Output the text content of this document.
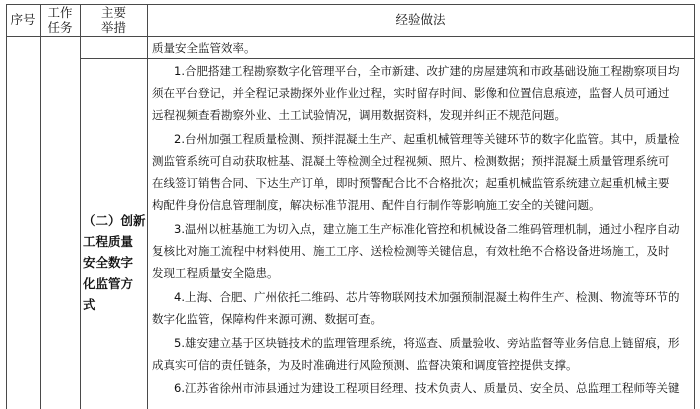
序号 工作
任务
主要
举措
经验做法
质量安全监管效率。
（二）创新
工程质量
安全数字
化监管方
式
1.合肥搭建工程勘察数字化管理平台，全市新建、改扩建的房屋建筑和市政基础设施工程勘察项目均
须在平台登记，并全程记录勘探外业作业过程，实时留存时间、影像和位置信息痕迹，监督人员可通过
远程视频查看勘察外业、土工试验情况，调用数据资料，发现并纠正不规范问题。
2.台州加强工程质量检测、预拌混凝土生产、起重机械管理等关键环节的数字化监管。其中，质量检
测监管系统可自动获取桩基、混凝土等检测全过程视频、照片、检测数据；预拌混凝土质量管理系统可
在线签订销售合同、下达生产订单，即时预警配合比不合格批次；起重机械监管系统建立起重机械主要
构配件身份信息管理制度，解决标准节混用、配件自行制作等影响施工安全的关键问题。
3.温州以桩基施工为切入点，建立施工生产标准化管控和机械设备二维码管理机制，通过小程序自动
复核比对施工流程中材料使用、施工工序、送检检测等关键信息，有效杜绝不合格设备进场施工，及时
发现工程质量安全隐患。
4.上海、合肥、广州依托二维码、芯片等物联网技术加强预制混凝土构件生产、检测、物流等环节的
数字化监管，保障构件来源可溯、数据可查。
5.雄安建立基于区块链技术的监理管理系统，将巡查、质量验收、旁站监督等业务信息上链留痕，形
成真实可信的责任链条，为及时准确进行风险预测、监督决策和调度管控提供支撑。
6.江苏省徐州市沛县通过为建设工程项目经理、技术负责人、质量员、安全员、总监理工程师等关键
